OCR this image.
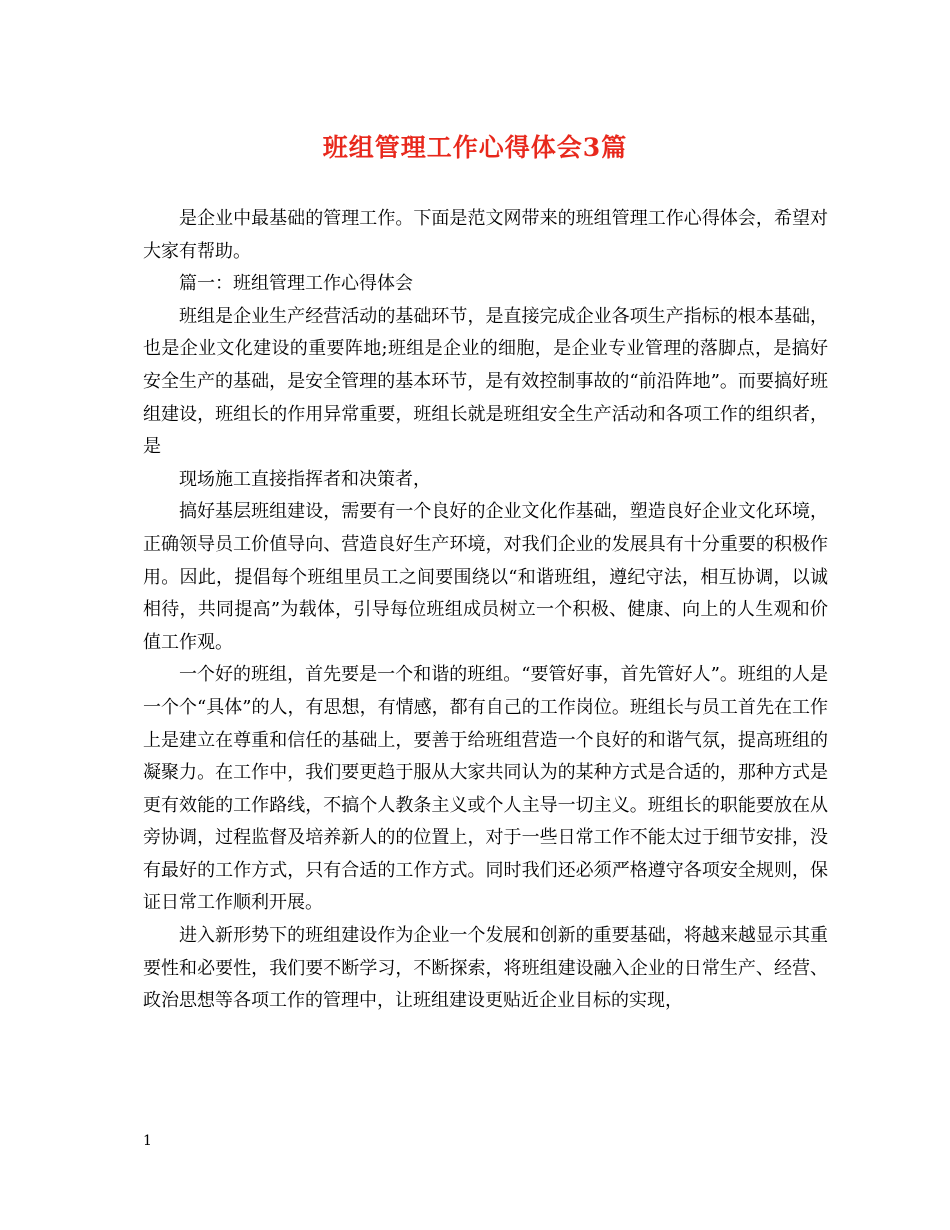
班组管理工作心得体会3篇

是企业中最基础的管理工作。下面是范文网带来的班组管理工作心得体会，希望对大家有帮助。

篇一：班组管理工作心得体会

班组是企业生产经营活动的基础环节，是直接完成企业各项生产指标的根本基础，也是企业文化建设的重要阵地;班组是企业的细胞，是企业专业管理的落脚点，是搞好安全生产的基础，是安全管理的基本环节，是有效控制事故的“前沿阵地”。而要搞好班组建设，班组长的作用异常重要，班组长就是班组安全生产活动和各项工作的组织者，是

现场施工直接指挥者和决策者，

搞好基层班组建设，需要有一个良好的企业文化作基础，塑造良好企业文化环境，正确领导员工价值导向、营造良好生产环境，对我们企业的发展具有十分重要的积极作用。因此，提倡每个班组里员工之间要围绕以“和谐班组，遵纪守法，相互协调，以诚相待，共同提高”为载体，引导每位班组成员树立一个积极、健康、向上的人生观和价值工作观。

一个好的班组，首先要是一个和谐的班组。“要管好事，首先管好人”。班组的人是一个个“具体”的人，有思想，有情感，都有自己的工作岗位。班组长与员工首先在工作上是建立在尊重和信任的基础上，要善于给班组营造一个良好的和谐气氛，提高班组的凝聚力。在工作中，我们要更趋于服从大家共同认为的某种方式是合适的，那种方式是更有效能的工作路线，不搞个人教条主义或个人主导一切主义。班组长的职能要放在从旁协调，过程监督及培养新人的的位置上，对于一些日常工作不能太过于细节安排，没有最好的工作方式，只有合适的工作方式。同时我们还必须严格遵守各项安全规则，保证日常工作顺利开展。

进入新形势下的班组建设作为企业一个发展和创新的重要基础，将越来越显示其重要性和必要性，我们要不断学习，不断探索，将班组建设融入企业的日常生产、经营、政治思想等各项工作的管理中，让班组建设更贴近企业目标的实现，

1
